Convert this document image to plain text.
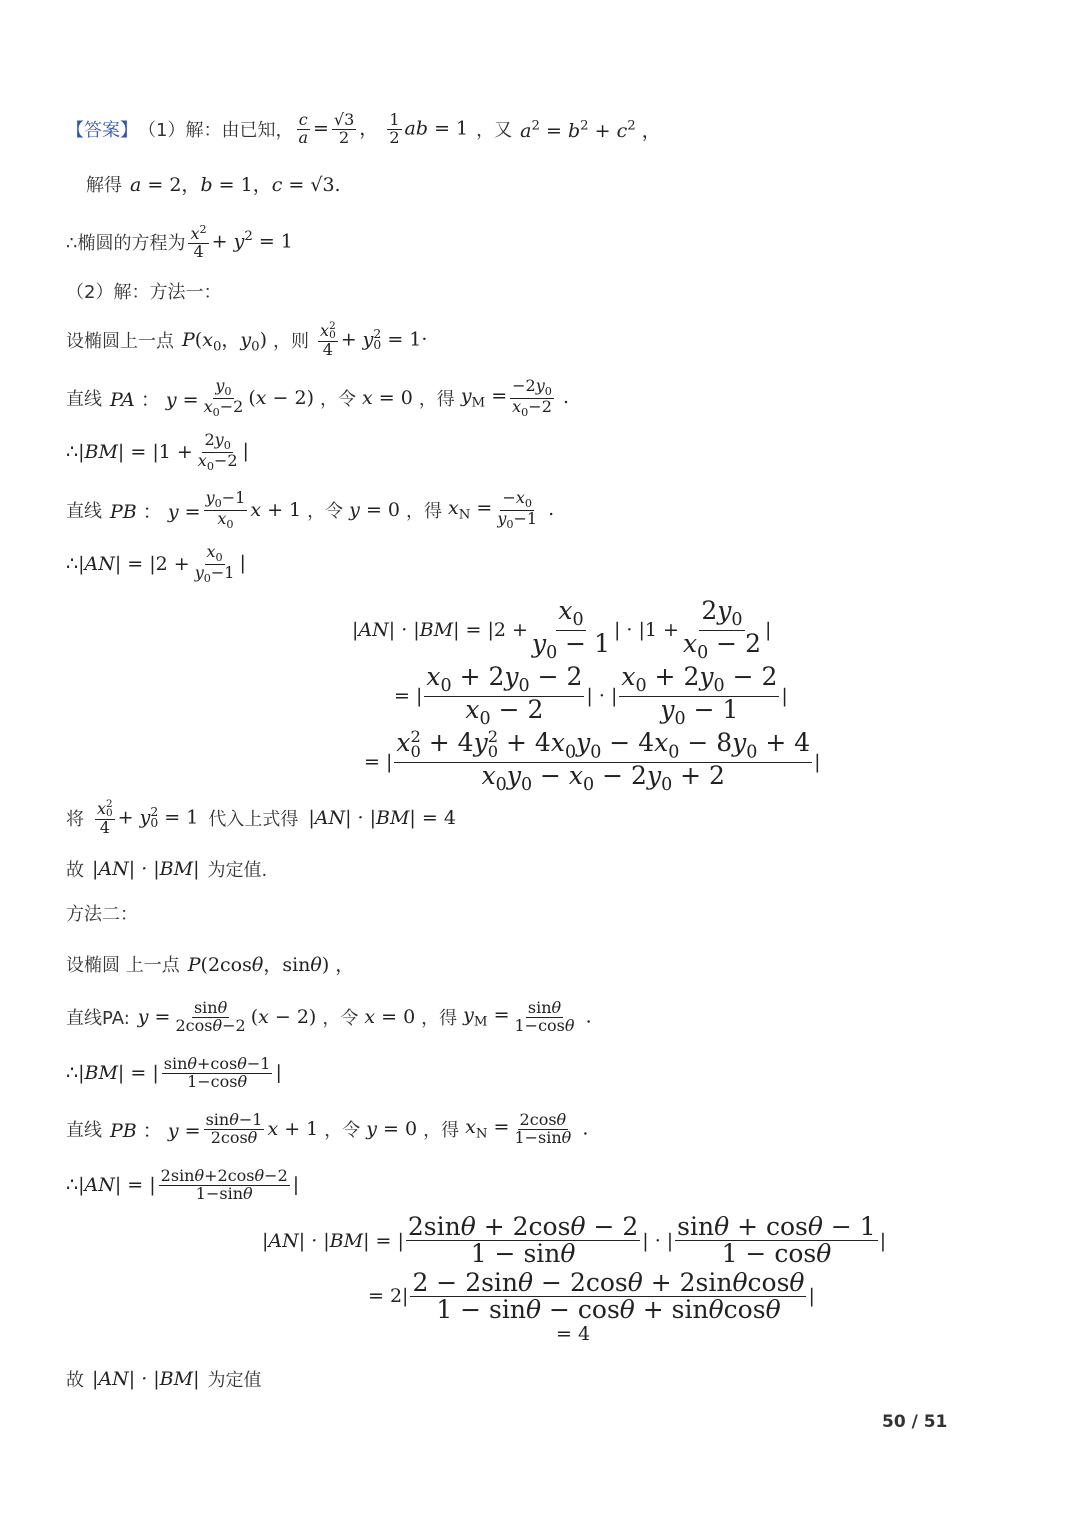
【答案】 （1）解：由已知， $\frac{c}{a} = \frac{√3}{2}$ ， $\frac{1}{2}$ ab = 1 ，又 $a^2 = b^2 + c^2$ ，
解得 a = 2，b = 1，c = √3.
∴椭圆的方程为 $\frac{x^2}{4} + y^2 = 1$
（2）解：方法一：
设椭圆上一点 $P(x_0$，$y_0$) ，则 x 2
0
4 + y 2
0 = 1·
直线 PA ： $y = \frac{y_0}{x_0-2} (x - 2)$ ，令 x = 0 ，得 $y_M = \frac{-2y_0}{x_0-2}$ .
∴|BM| = $|1 + \frac{2y_0}{x_0-2}$ |
直线 PB ： $y = \frac{y_0-1}{x_0}$ x + 1 ，令 y = 0 ，得 $x_N = \frac{-x_0}{y_0-1}$ .
∴|AN| = $|2 + \frac{x_0}{y_0-1}$ |
$|AN| \cdot |BM| = |2 + \frac{x_0}{y_0 - 1}$ | · $|1 + \frac{2y_0}{x_0 - 2}$ |
= | $\frac{x_0 + 2y_0 - 2}{x_0 - 2}$ | · | $\frac{x_0 + 2y_0 - 2}{y_0 - 1}$ |
= | x 2
0 + 4y 2
$0 + 4x_0y_0 - 4x_0 - 8y_0 + 4$
$x_0y_0 - x_0 - 2y_0 + 2$ |
将 x 2
0
4 + y 2
0 = 1 代入上式得 |AN| · |BM| = 4
故 |AN| · |BM| 为定值.
方法二：
设椭圆 上一点 P(2cosθ，sinθ) ，
直线PA: $y = \frac{\sin\theta}{2\cos\theta-2} (x - 2)$ ，令 x = 0 ，得 $y_M = \frac{\sin\theta}{1-\cos\theta}$ .
∴|BM| = | $\frac{\sin\theta+\cos\theta-1}{1-\cos\theta}$ |
直线 PB ： $y = \frac{\sin\theta-1}{2\cos\theta}$ x + 1 ，令 y = 0 ，得 $x_N = \frac{2\cos\theta}{1-\sin\theta}$ .
∴|AN| = | $\frac{2\sin\theta+2\cos\theta-2}{1-\sin\theta}$ |
|AN| · |BM| = | $\frac{2\sin\theta + 2\cos\theta - 2}{1 - \sin\theta}$ | · | $\frac{\sin\theta + \cos\theta - 1}{1 - \cos\theta}$ |
= $2| \frac{2 - 2\sin\theta - 2\cos\theta + 2\sin\theta\cos\theta}{1 - \sin\theta - \cos\theta + \sin\theta\cos\theta}$ |
= 4
故 |AN| · |BM| 为定值
50 / 51
